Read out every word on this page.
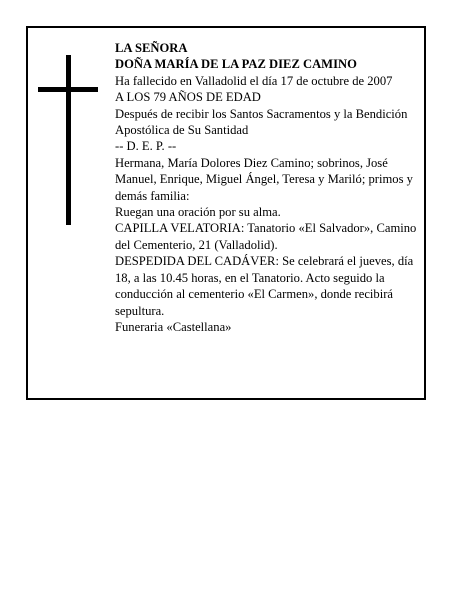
LA SEÑORA

DOÑA MARÍA DE LA PAZ DIEZ CAMINO

Ha fallecido en Valladolid el día 17 de octubre de 2007

A LOS 79 AÑOS DE EDAD

Después de recibir los Santos Sacramentos y la Bendición Apostólica de Su Santidad

-- D. E. P. --

Hermana, María Dolores Diez Camino; sobrinos, José Manuel, Enrique, Miguel Ángel, Teresa y Mariló; primos y demás familia:

Ruegan una oración por su alma.

CAPILLA VELATORIA: Tanatorio «El Salvador», Camino del Cementerio, 21 (Valladolid).

DESPEDIDA DEL CADÁVER: Se celebrará el jueves, día 18, a las 10.45 horas, en el Tanatorio. Acto seguido la conducción al cementerio «El Carmen», donde recibirá sepultura.

Funeraria «Castellana»
